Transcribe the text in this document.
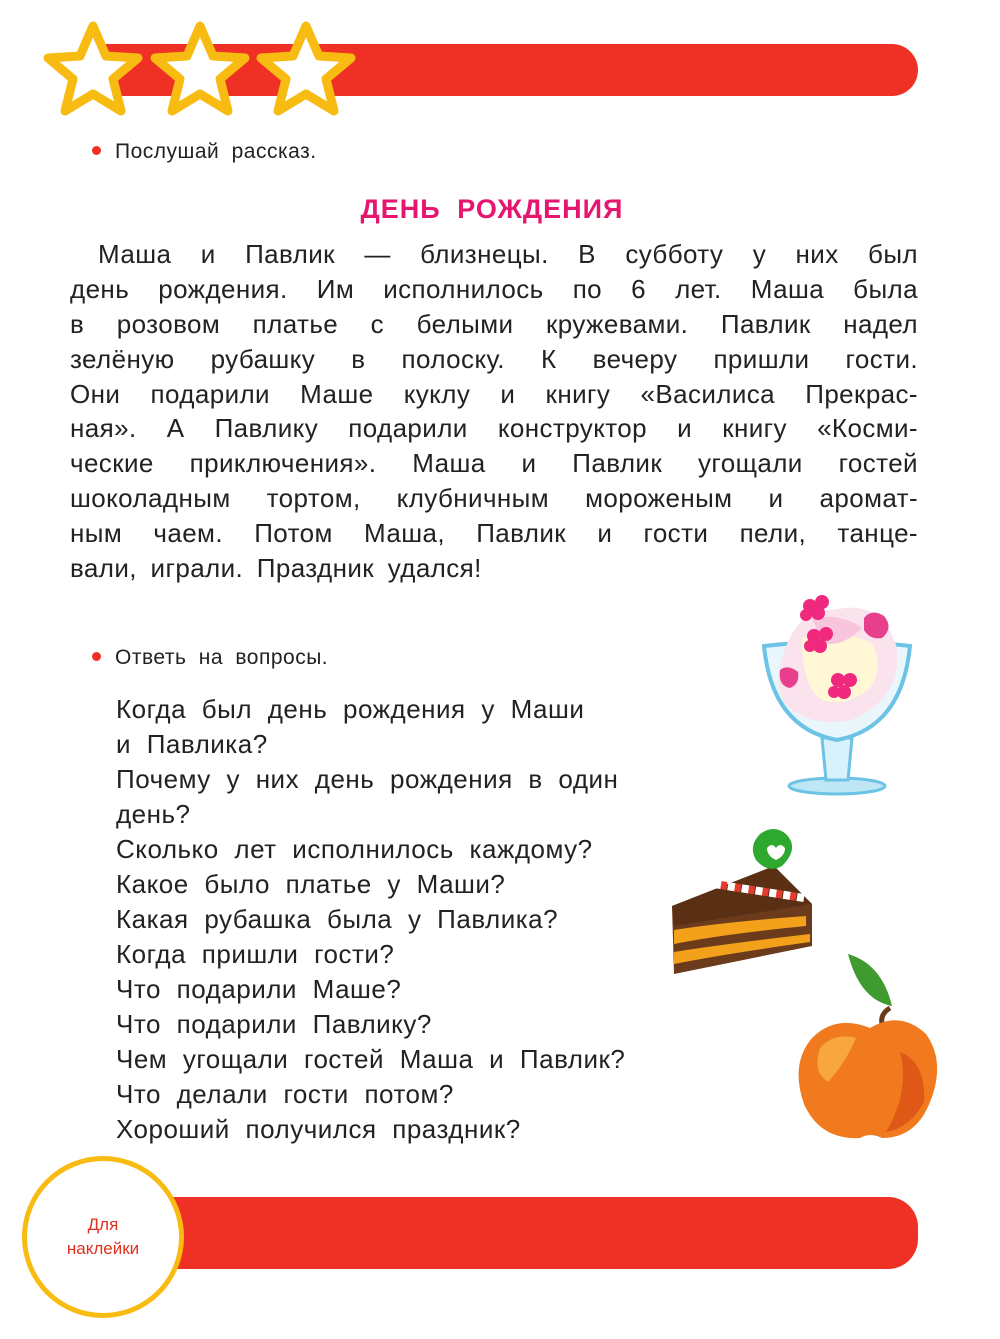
Послушай рассказ.
ДЕНЬ РОЖДЕНИЯ
Маша и Павлик — близнецы. В субботу у них был
день рождения. Им исполнилось по 6 лет. Маша была
в розовом платье с белыми кружевами. Павлик надел
зелёную рубашку в полоску. К вечеру пришли гости.
Они подарили Маше куклу и книгу «Василиса Прекрас-
ная». А Павлику подарили конструктор и книгу «Косми-
ческие приключения». Маша и Павлик угощали гостей
шоколадным тортом, клубничным мороженым и аромат-
ным чаем. Потом Маша, Павлик и гости пели, танце-
вали, играли. Праздник удался!
Ответь на вопросы.
Когда был день рождения у Маши
и Павлика?
Почему у них день рождения в один
день?
Сколько лет исполнилось каждому?
Какое было платье у Маши?
Какая рубашка была у Павлика?
Когда пришли гости?
Что подарили Маше?
Что подарили Павлику?
Чем угощали гостей Маша и Павлик?
Что делали гости потом?
Хороший получился праздник?
Для
наклейки
